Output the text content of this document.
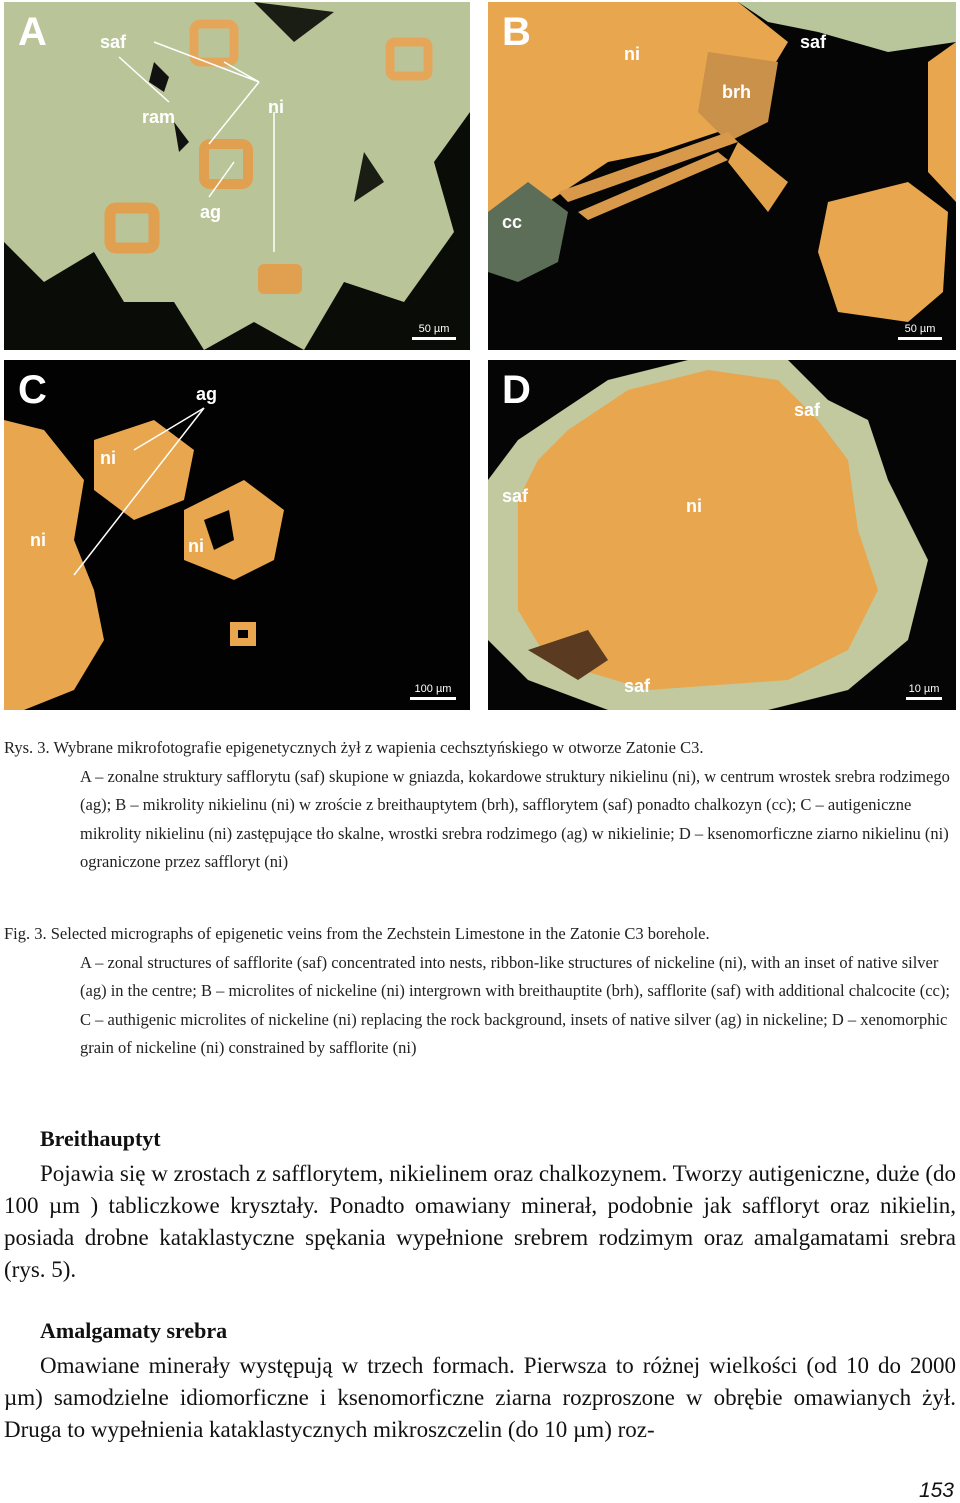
A	saf
ram	ni
ag
50 µm
B	ni
saf
brh
cc
50 µm
C	ag
ni
ni	ni
100 µm
D	saf
saf	ni
saf	10 µm
Rys. 3. Wybrane mikrofotografie epigenetycznych żył z wapienia cechsztyńskiego w otworze Zatonie C3.
A – zonalne struktury safflorytu (saf) skupione w gniazda, kokardowe struktury nikielinu (ni), w centrum wrostek srebra rodzimego (ag); B – mikrolity nikielinu (ni) w zroście z breithauptytem (brh), safflorytem (saf) ponadto chalkozyn (cc); C – autigeniczne mikrolity nikielinu (ni) zastępujące tło skalne, wrostki srebra rodzimego (ag) w nikielinie; D – ksenomorficzne ziarno nikielinu (ni) ograniczone przez saffloryt (ni)
Fig. 3. Selected micrographs of epigenetic veins from the Zechstein Limestone in the Zatonie C3 borehole.
A – zonal structures of safflorite (saf) concentrated into nests, ribbon-like structures of nickeline (ni), with an inset of native silver (ag) in the centre; B – microlites of nickeline (ni) intergrown with breithauptite (brh), safflorite (saf) with additional chalcocite (cc); C – authigenic microlites of nickeline (ni) replacing the rock background, insets of native silver (ag) in nickeline; D – xenomorphic grain of nickeline (ni) constrained by safflorite (ni)
Breithauptyt
Pojawia się w zrostach z safflorytem, nikielinem oraz chalkozynem. Tworzy autigeniczne, duże (do 100 µm ) tabliczkowe kryształy. Ponadto omawiany minerał, podobnie jak saffloryt oraz nikielin, posiada drobne kataklastyczne spękania wypełnione srebrem rodzimym oraz amalgamatami srebra (rys. 5).
Amalgamaty srebra
Omawiane minerały występują w trzech formach. Pierwsza to różnej wielkości (od 10 do 2000 µm) samodzielne idiomorficzne i ksenomorficzne ziarna rozproszone w obrębie omawianych żył. Druga to wypełnienia kataklastycznych mikroszczelin (do 10 µm) roz-
153
